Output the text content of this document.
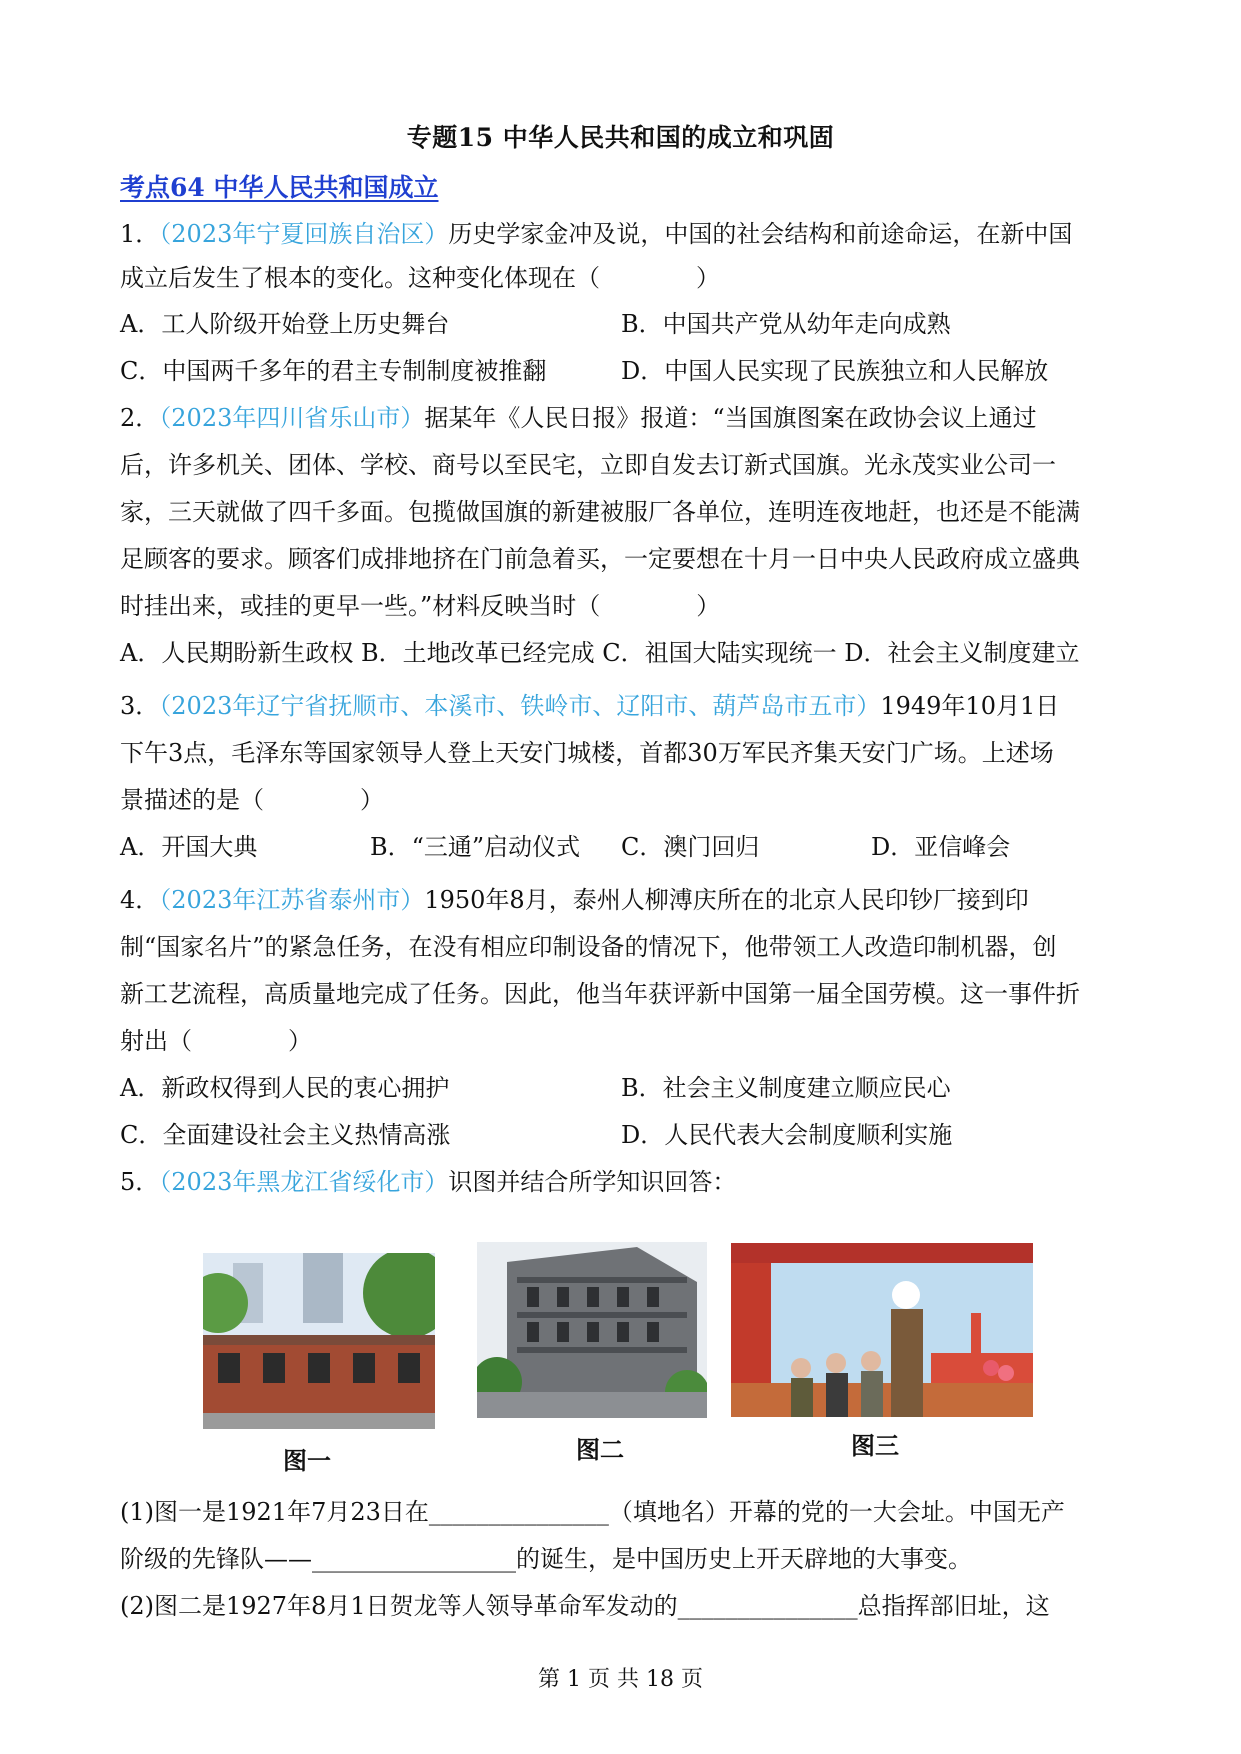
专题15 中华人民共和国的成立和巩固
考点64 中华人民共和国成立
1．（2023年宁夏回族自治区）历史学家金冲及说，中国的社会结构和前途命运，在新中国
成立后发生了根本的变化。这种变化体现在（　　　　）
A．工人阶级开始登上历史舞台	B．中国共产党从幼年走向成熟
C．中国两千多年的君主专制制度被推翻	D．中国人民实现了民族独立和人民解放
2．（2023年四川省乐山市）据某年《人民日报》报道：“当国旗图案在政协会议上通过
后，许多机关、团体、学校、商号以至民宅，立即自发去订新式国旗。光永茂实业公司一
家，三天就做了四千多面。包揽做国旗的新建被服厂各单位，连明连夜地赶，也还是不能满
足顾客的要求。顾客们成排地挤在门前急着买，一定要想在十月一日中央人民政府成立盛典
时挂出来，或挂的更早一些。”材料反映当时（　　　　）
A．人民期盼新生政权 B．土地改革已经完成 C．祖国大陆实现统一 D．社会主义制度建立
3．（2023年辽宁省抚顺市、本溪市、铁岭市、辽阳市、葫芦岛市五市）1949年10月1日
下午3点，毛泽东等国家领导人登上天安门城楼，首都30万军民齐集天安门广场。上述场
景描述的是（　　　　）
A．开国大典	B．“三通”启动仪式 C．澳门回归	D．亚信峰会
4．（2023年江苏省泰州市）1950年8月，泰州人柳溥庆所在的北京人民印钞厂接到印
制“国家名片”的紧急任务，在没有相应印制设备的情况下，他带领工人改造印制机器，创
新工艺流程，高质量地完成了任务。因此，他当年获评新中国第一届全国劳模。这一事件折
射出（　　　　）
A．新政权得到人民的衷心拥护	B．社会主义制度建立顺应民心
C．全面建设社会主义热情高涨	D．人民代表大会制度顺利实施
5．（2023年黑龙江省绥化市）识图并结合所学知识回答：
图一	图二	图三
(1)图一是1921年7月23日在_______________（填地名）开幕的党的一大会址。中国无产
阶级的先锋队——_________________的诞生，是中国历史上开天辟地的大事变。
(2)图二是1927年8月1日贺龙等人领导革命军发动的_______________总指挥部旧址，这
第 1 页 共 18 页
